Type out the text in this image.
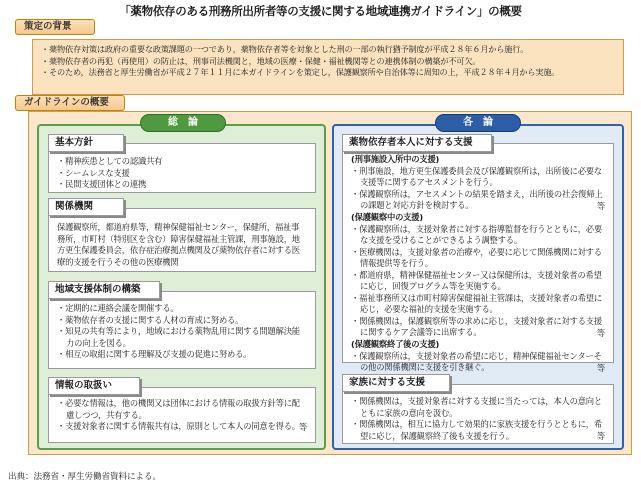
「薬物依存のある刑務所出所者等の支援に関する地域連携ガイドライン」の概要
策定の背景
・薬物依存対策は政府の重要な政策課題の一つであり，薬物依存者等を対象とした刑の一部の執行猶予制度が平成２８年６月から施行。
・薬物依存者の再犯（再使用）の防止は，刑事司法機関と，地域の医療・保健・福祉機関等との連携体制の構築が不可欠。
・そのため，法務省と厚生労働省が平成２７年１１月に本ガイドラインを策定し，保護観察所や自治体等に周知の上，平成２８年４月から実施。
ガイドラインの概要
総　論	各　論
・精神疾患としての認識共有
・シームレスな支援
・民間支援団体との連携
基本方針
保護観察所，都道府県等，精神保健福祉センター，保健所，福祉事務所，市町村（特別区を含む）障害保健福祉主管課，刑事施設，地方更生保護委員会，依存症治療拠点機関及び薬物依存者に対する医療的支援を行うその他の医療機関
関係機関
・定期的に連絡会議を開催する。
・薬物依存者の支援に関する人材の育成に努める。
・知見の共有等により，地域における薬物乱用に関する問題解決能力の向上を図る。
・相互の取組に関する理解及び支援の促進に努める。
地域支援体制の構築
・必要な情報は，他の機関又は団体における情報の取扱方針等に配慮しつつ，共有する。
・支援対象者に関する情報共有は，原則として本人の同意を得る。
等
情報の取扱い
(刑事施設入所中の支援)
・刑事施設，地方更生保護委員会及び保護観察所は，出所後に必要な支援等に関するアセスメントを行う。
・保護観察所は，アセスメントの結果を踏まえ，出所後の社会復帰上の課題と対応方針を検討する。	等
(保護観察中の支援)
・保護観察所は，支援対象者に対する指導監督を行うとともに，必要な支援を受けることができるよう調整する。
・医療機関は，支援対象者の治療や，必要に応じて関係機関に対する情報提供等を行う。
・都道府県，精神保健福祉センター又は保健所は，支援対象者の希望に応じ，回復プログラム等を実施する。
・福祉事務所又は市町村障害保健福祉主管課は，支援対象者の希望に応じ，必要な福祉的支援を実施する。
・関係機関は，保護観察所等の求めに応じ，支援対象者に対する支援に関するケア会議等に出席する。	等
(保護観察終了後の支援)
・保護観察所は，支援対象者の希望に応じ，精神保健福祉センターその他の関係機関に支援を引き継ぐ。	等
薬物依存者本人に対する支援
・関係機関は，支援対象者に対する支援に当たっては，本人の意向とともに家族の意向を汲む。
・関係機関は，相互に協力して効果的に家族支援を行うとともに，希望に応じ，保護観察終了後も支援を行う。	等
家族に対する支援
出典：法務省・厚生労働省資料による。
